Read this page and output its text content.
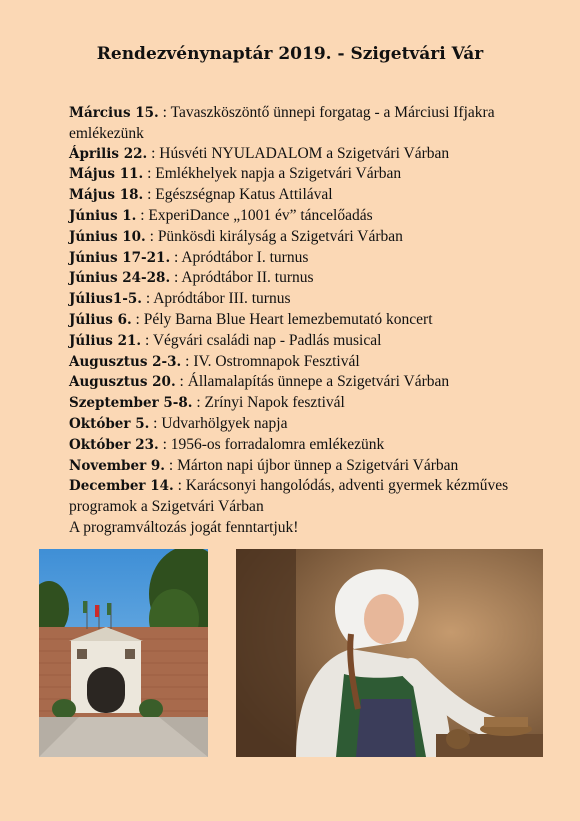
Rendezvénynaptár 2019. - Szigetvári Vár
Március 15. : Tavaszköszöntő ünnepi forgatag - a Márciusi Ifjakra emlékezünk
Április 22. : Húsvéti NYULADALOM a Szigetvári Várban
Május 11. : Emlékhelyek napja a Szigetvári Várban
Május 18. : Egészségnap Katus Attilával
Június 1. : ExperiDance „1001 év” táncelőadás
Június 10. : Pünkösdi királyság a Szigetvári Várban
Június 17-21. : Apródtábor I. turnus
Június 24-28. : Apródtábor II. turnus
Július1-5. : Apródtábor III. turnus
Július 6. : Pély Barna Blue Heart lemezbemutató koncert
Július 21. : Végvári családi nap - Padlás musical
Augusztus 2-3. : IV. Ostromnapok Fesztivál
Augusztus 20. : Államalapítás ünnepe a Szigetvári Várban
Szeptember 5-8. : Zrínyi Napok fesztivál
Október 5. : Udvarhölgyek napja
Október 23. : 1956-os forradalomra emlékezünk
November 9. : Márton napi újbor ünnep a Szigetvári Várban
December 14. : Karácsonyi hangolódás, adventi gyermek kézműves programok a Szigetvári Várban
A programváltozás jogát fenntartjuk!
